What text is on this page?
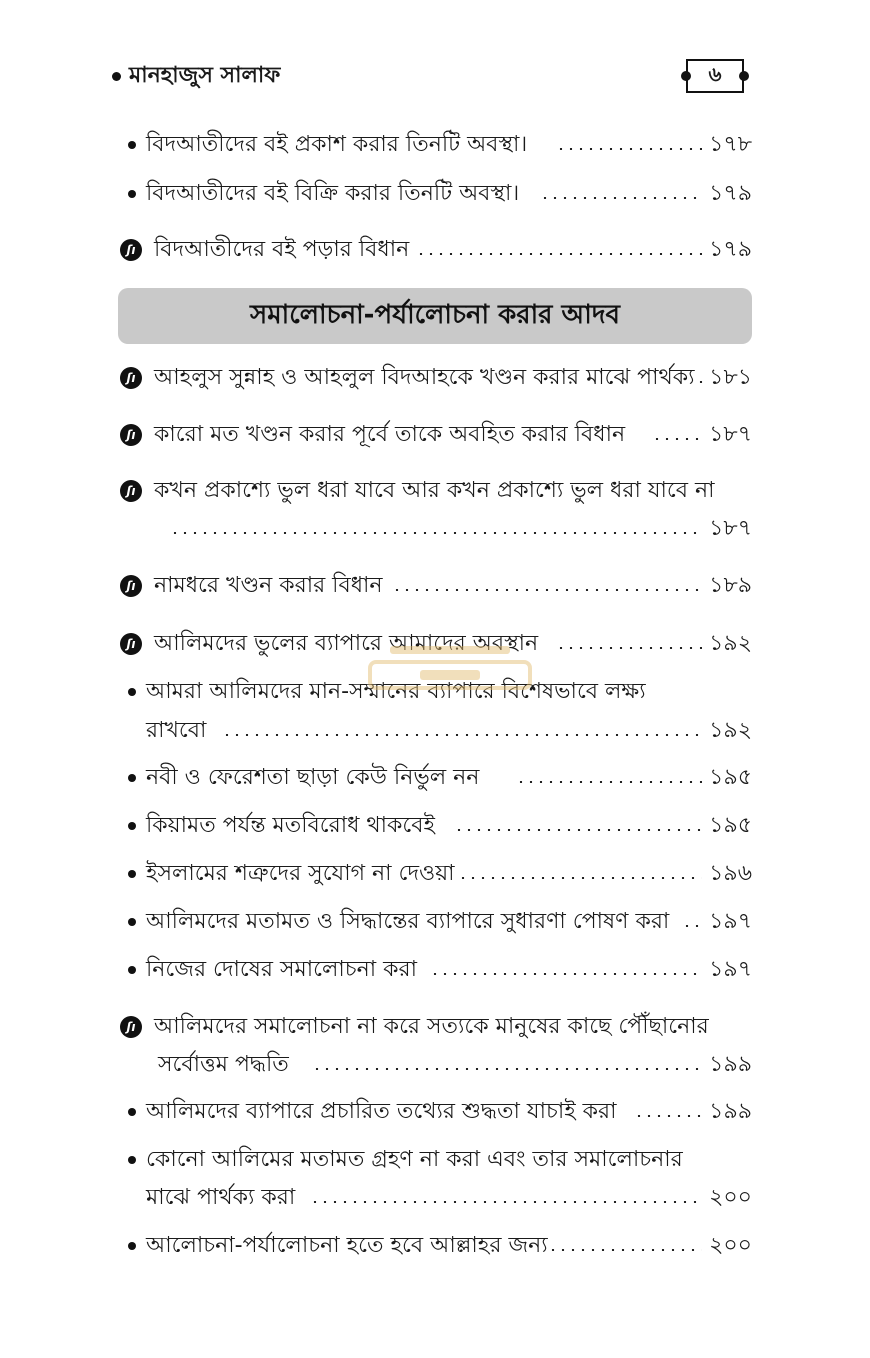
মানহাজুস সালাফ	৬
বিদআতীদের বই প্রকাশ করার তিনটি অবস্থা।	১৭৮
বিদআতীদের বই বিক্রি করার তিনটি অবস্থা।	১৭৯
ʃı বিদআতীদের বই পড়ার বিধান	১৭৯
সমালোচনা-পর্যালোচনা করার আদব
ʃı আহলুস সুন্নাহ ও আহলুল বিদআহকে খণ্ডন করার মাঝে পার্থক্য ১৮১
ʃı কারো মত খণ্ডন করার পূর্বে তাকে অবহিত করার বিধান	১৮৭
ʃı কখন প্রকাশ্যে ভুল ধরা যাবে আর কখন প্রকাশ্যে ভুল ধরা যাবে না
১৮৭
ʃı নামধরে খণ্ডন করার বিধান	১৮৯
ʃı আলিমদের ভুলের ব্যাপারে আমাদের অবস্থান	১৯২
আমরা আলিমদের মান-সম্মানের ব্যাপারে বিশেষভাবে লক্ষ্য
রাখবো	১৯২
নবী ও ফেরেশতা ছাড়া কেউ নির্ভুল নন	১৯৫
কিয়ামত পর্যন্ত মতবিরোধ থাকবেই	১৯৫
ইসলামের শত্রুদের সুযোগ না দেওয়া	১৯৬
আলিমদের মতামত ও সিদ্ধান্তের ব্যাপারে সুধারণা পোষণ করা ১৯৭
নিজের দোষের সমালোচনা করা	১৯৭
ʃı আলিমদের সমালোচনা না করে সত্যকে মানুষের কাছে পৌঁছানোর
সর্বোত্তম পদ্ধতি	১৯৯
আলিমদের ব্যাপারে প্রচারিত তথ্যের শুদ্ধতা যাচাই করা	১৯৯
কোনো আলিমের মতামত গ্রহণ না করা এবং তার সমালোচনার
মাঝে পার্থক্য করা	২০০
আলোচনা-পর্যালোচনা হতে হবে আল্লাহর জন্য	২০০
